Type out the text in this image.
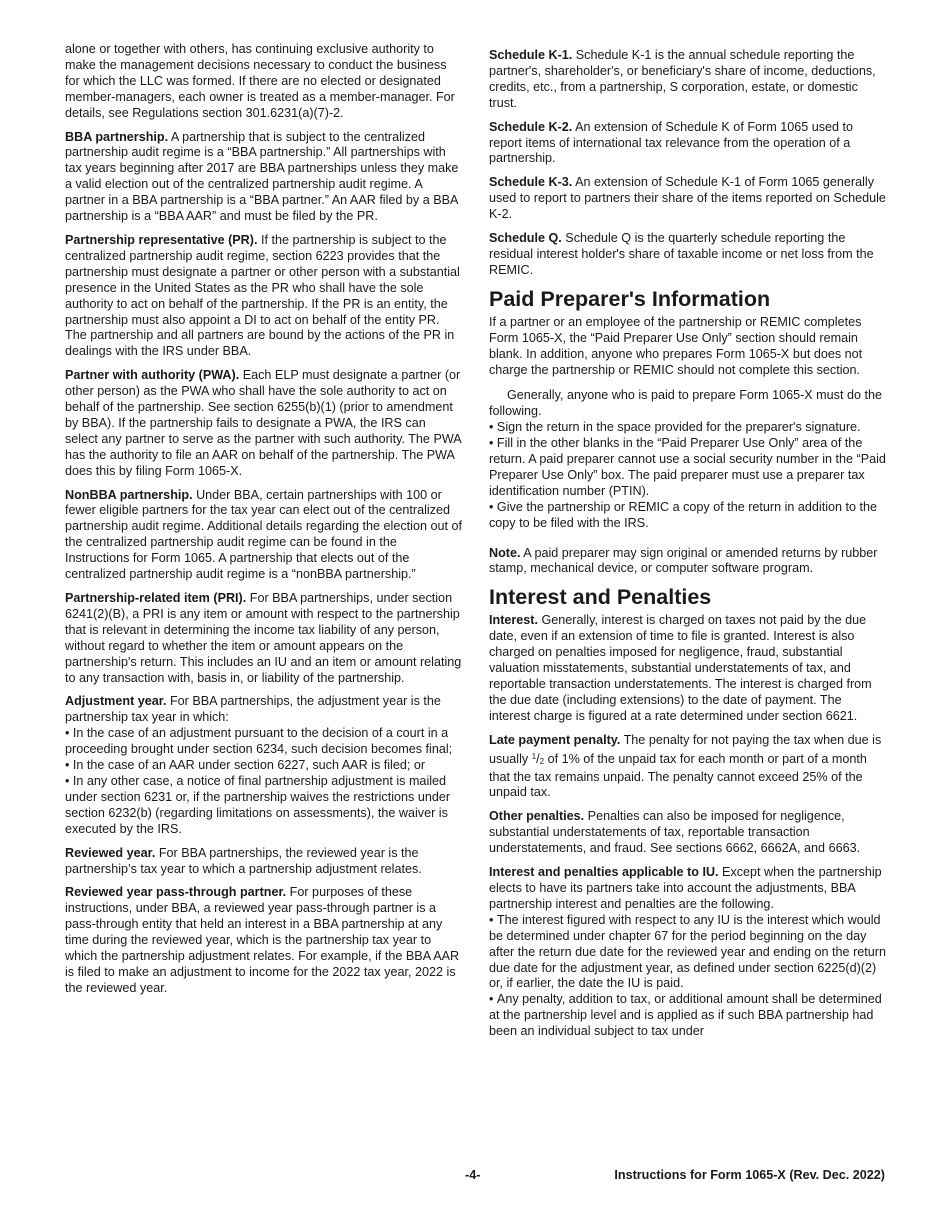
alone or together with others, has continuing exclusive authority to make the management decisions necessary to conduct the business for which the LLC was formed. If there are no elected or designated member-managers, each owner is treated as a member-manager. For details, see Regulations section 301.6231(a)(7)-2.

BBA partnership. A partnership that is subject to the centralized partnership audit regime is a “BBA partnership.” All partnerships with tax years beginning after 2017 are BBA partnerships unless they make a valid election out of the centralized partnership audit regime. A partner in a BBA partnership is a “BBA partner.” An AAR filed by a BBA partnership is a “BBA AAR” and must be filed by the PR.

Partnership representative (PR). If the partnership is subject to the centralized partnership audit regime, section 6223 provides that the partnership must designate a partner or other person with a substantial presence in the United States as the PR who shall have the sole authority to act on behalf of the partnership. If the PR is an entity, the partnership must also appoint a DI to act on behalf of the entity PR. The partnership and all partners are bound by the actions of the PR in dealings with the IRS under BBA.

Partner with authority (PWA). Each ELP must designate a partner (or other person) as the PWA who shall have the sole authority to act on behalf of the partnership. See section 6255(b)(1) (prior to amendment by BBA). If the partnership fails to designate a PWA, the IRS can select any partner to serve as the partner with such authority. The PWA has the authority to file an AAR on behalf of the partnership. The PWA does this by filing Form 1065-X.

NonBBA partnership. Under BBA, certain partnerships with 100 or fewer eligible partners for the tax year can elect out of the centralized partnership audit regime. Additional details regarding the election out of the centralized partnership audit regime can be found in the Instructions for Form 1065. A partnership that elects out of the centralized partnership audit regime is a “nonBBA partnership.”

Partnership-related item (PRI). For BBA partnerships, under section 6241(2)(B), a PRI is any item or amount with respect to the partnership that is relevant in determining the income tax liability of any person, without regard to whether the item or amount appears on the partnership's return. This includes an IU and an item or amount relating to any transaction with, basis in, or liability of the partnership.

Adjustment year. For BBA partnerships, the adjustment year is the partnership tax year in which:

• In the case of an adjustment pursuant to the decision of a court in a proceeding brought under section 6234, such decision becomes final;

• In the case of an AAR under section 6227, such AAR is filed; or

• In any other case, a notice of final partnership adjustment is mailed under section 6231 or, if the partnership waives the restrictions under section 6232(b) (regarding limitations on assessments), the waiver is executed by the IRS.

Reviewed year. For BBA partnerships, the reviewed year is the partnership’s tax year to which a partnership adjustment relates.

Reviewed year pass-through partner. For purposes of these instructions, under BBA, a reviewed year pass-through partner is a pass-through entity that held an interest in a BBA partnership at any time during the reviewed year, which is the partnership tax year to which the partnership adjustment relates. For example, if the BBA AAR is filed to make an adjustment to income for the 2022 tax year, 2022 is the reviewed year.

Schedule K-1. Schedule K-1 is the annual schedule reporting the partner's, shareholder's, or beneficiary's share of income, deductions, credits, etc., from a partnership, S corporation, estate, or domestic trust.

Schedule K-2. An extension of Schedule K of Form 1065 used to report items of international tax relevance from the operation of a partnership.

Schedule K-3. An extension of Schedule K-1 of Form 1065 generally used to report to partners their share of the items reported on Schedule K-2.

Schedule Q. Schedule Q is the quarterly schedule reporting the residual interest holder's share of taxable income or net loss from the REMIC.

Paid Preparer's Information

If a partner or an employee of the partnership or REMIC completes Form 1065-X, the “Paid Preparer Use Only” section should remain blank. In addition, anyone who prepares Form 1065-X but does not charge the partnership or REMIC should not complete this section.

Generally, anyone who is paid to prepare Form 1065-X must do the following.

• Sign the return in the space provided for the preparer's signature.

• Fill in the other blanks in the “Paid Preparer Use Only” area of the return. A paid preparer cannot use a social security number in the “Paid Preparer Use Only” box. The paid preparer must use a preparer tax identification number (PTIN).

• Give the partnership or REMIC a copy of the return in addition to the copy to be filed with the IRS.

Note. A paid preparer may sign original or amended returns by rubber stamp, mechanical device, or computer software program.

Interest and Penalties

Interest. Generally, interest is charged on taxes not paid by the due date, even if an extension of time to file is granted. Interest is also charged on penalties imposed for negligence, fraud, substantial valuation misstatements, substantial understatements of tax, and reportable transaction understatements. The interest is charged from the due date (including extensions) to the date of payment. The interest charge is figured at a rate determined under section 6621.

Late payment penalty. The penalty for not paying the tax when due is usually $^1/_2$ of 1% of the unpaid tax for each month or part of a month that the tax remains unpaid. The penalty cannot exceed 25% of the unpaid tax.

Other penalties. Penalties can also be imposed for negligence, substantial understatements of tax, reportable transaction understatements, and fraud. See sections 6662, 6662A, and 6663.

Interest and penalties applicable to IU. Except when the partnership elects to have its partners take into account the adjustments, BBA partnership interest and penalties are the following.

• The interest figured with respect to any IU is the interest which would be determined under chapter 67 for the period beginning on the day after the return due date for the reviewed year and ending on the return due date for the adjustment year, as defined under section 6225(d)(2) or, if earlier, the date the IU is paid.

• Any penalty, addition to tax, or additional amount shall be determined at the partnership level and is applied as if such BBA partnership had been an individual subject to tax under

-4-	Instructions for Form 1065-X (Rev. Dec. 2022)
